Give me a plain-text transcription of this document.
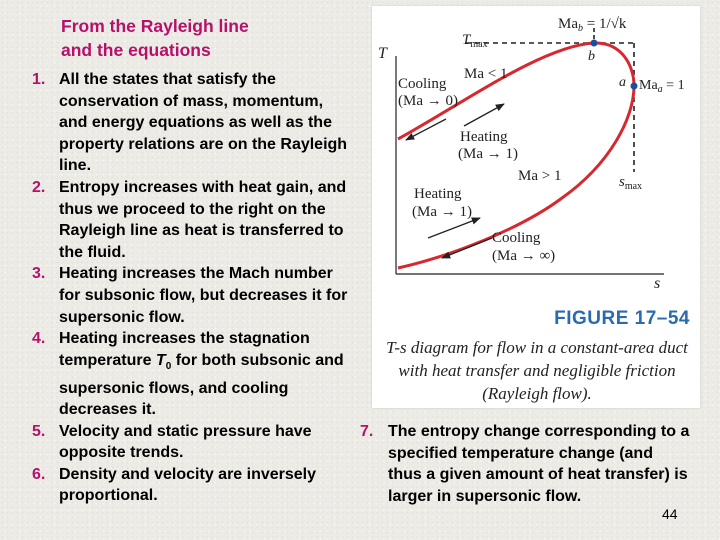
From the Rayleigh line
and the equations
1. All the states that satisfy the conservation of mass, momentum, and energy equations as well as the property relations are on the Rayleigh line.
2. Entropy increases with heat gain, and thus we proceed to the right on the Rayleigh line as heat is transferred to the fluid.
3. Heating increases the Mach number for subsonic flow, but decreases it for supersonic flow.
4. Heating increases the stagnation temperature $T_0$ for both subsonic and supersonic flows, and cooling decreases it.
5. Velocity and static pressure have opposite trends.
6. Density and velocity are inversely proportional.
T
s
$T_{max}$
$Ma_b = 1/√k$
b
a $Ma_a = 1$
$s_{max}$
Ma < 1
Ma > 1
Cooling
(Ma → 0)
Heating
(Ma → 1)
Heating
(Ma → 1)
Cooling
(Ma → ∞)
FIGURE 17–54
T-s diagram for flow in a constant-area duct with heat transfer and negligible friction (Rayleigh flow).
7. The entropy change corresponding to a specified temperature change (and thus a given amount of heat transfer) is larger in supersonic flow.
44
